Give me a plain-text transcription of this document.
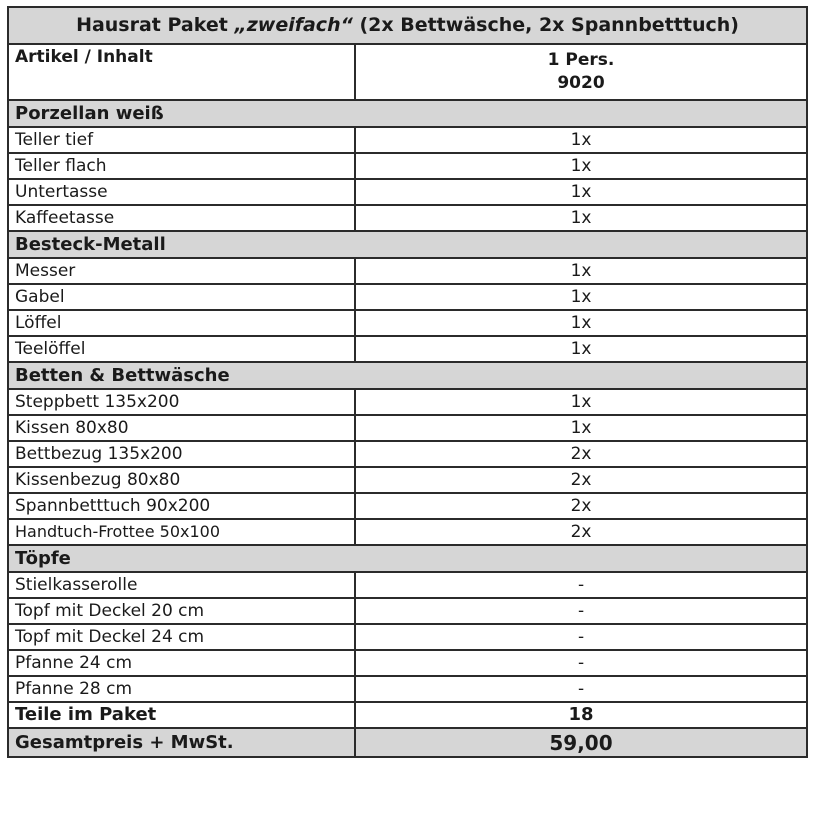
Hausrat Paket „zweifach“ (2x Bettwäsche, 2x Spannbetttuch)	
Artikel / Inhalt	1 Pers.
9020

Porzellan weiß	
Teller tief	1x
Teller flach	1x
Untertasse	1x
Kaffeetasse	1x
Besteck-Metall	
Messer	1x
Gabel	1x
Löffel	1x
Teelöffel	1x
Betten & Bettwäsche	
Steppbett 135x200	1x
Kissen 80x80	1x
Bettbezug 135x200	2x
Kissenbezug 80x80	2x
Spannbetttuch 90x200	2x
Handtuch-Frottee 50x100	2x
Töpfe	
Stielkasserolle	-
Topf mit Deckel 20 cm	-
Topf mit Deckel 24 cm	-
Pfanne 24 cm	-
Pfanne 28 cm	-
Teile im Paket	18
Gesamtpreis + MwSt.	59,00
